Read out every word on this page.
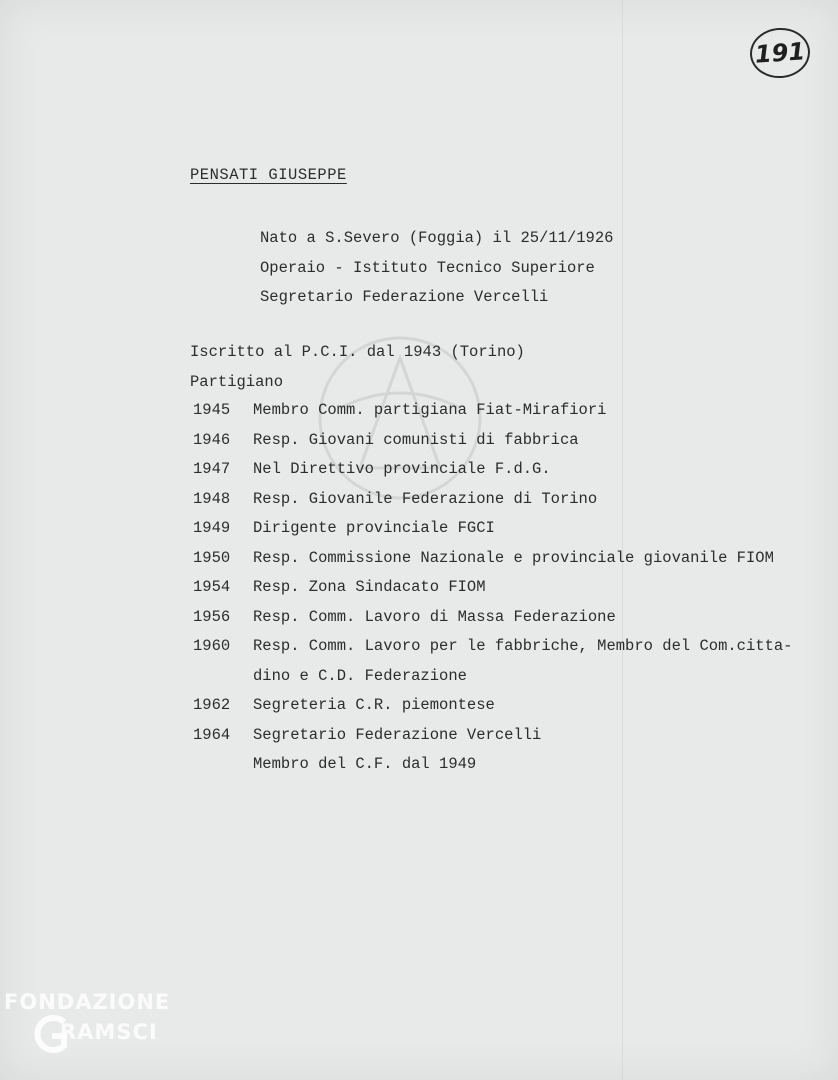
191
PENSATI GIUSEPPE
Nato a S.Severo (Foggia) il 25/11/1926
Operaio - Istituto Tecnico Superiore
Segretario Federazione Vercelli
Iscritto al P.C.I. dal 1943 (Torino)
Partigiano
1945	Membro Comm. partigiana Fiat-Mirafiori
1946	Resp. Giovani comunisti di fabbrica
1947	Nel Direttivo provinciale F.d.G.
1948	Resp. Giovanile Federazione di Torino
1949	Dirigente provinciale FGCI
1950	Resp. Commissione Nazionale e provinciale giovanile FIOM
1954	Resp. Zona Sindacato FIOM
1956	Resp. Comm. Lavoro di Massa Federazione
1960	Resp. Comm. Lavoro per le fabbriche, Membro del Com.citta-
dino e C.D. Federazione
1962	Segreteria C.R. piemontese
1964	Segretario Federazione Vercelli
Membro del C.F. dal 1949
FONDAZIONE
RAMSCI
